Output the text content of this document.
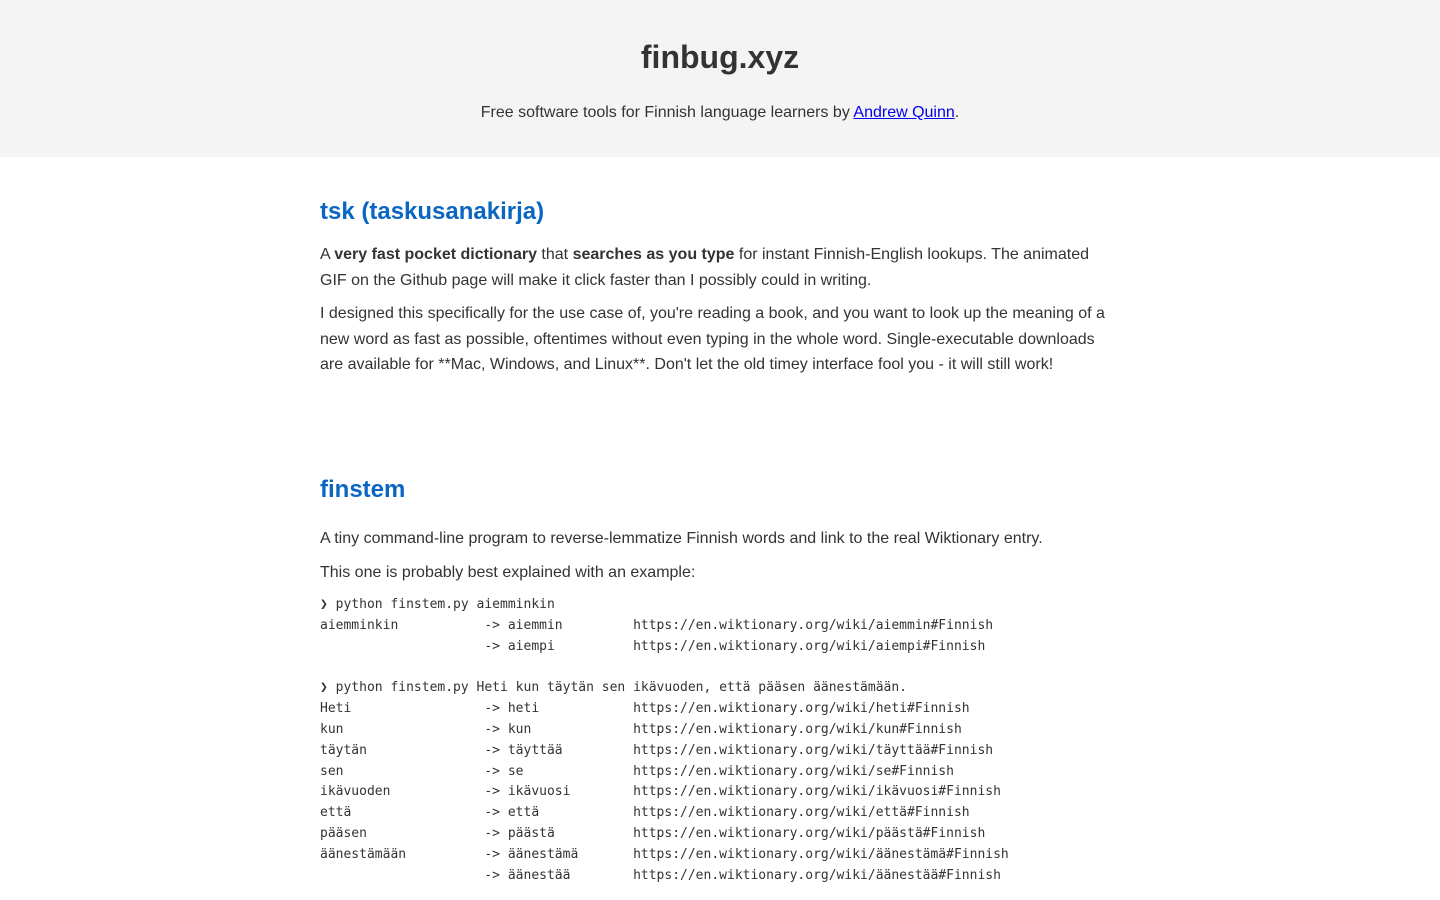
finbug.xyz

Free software tools for Finnish language learners by Andrew Quinn.

tsk (taskusanakirja)

A very fast pocket dictionary that searches as you type for instant Finnish-English lookups. The animated GIF on the Github page will make it click faster than I possibly could in writing.

I designed this specifically for the use case of, you're reading a book, and you want to look up the meaning of a new word as fast as possible, oftentimes without even typing in the whole word. Single-executable downloads are available for **Mac, Windows, and Linux**. Don't let the old timey interface fool you - it will still work!

finstem

A tiny command-line program to reverse-lemmatize Finnish words and link to the real Wiktionary entry.

This one is probably best explained with an example:

❯ python finstem.py aiemminkin
aiemminkin           -> aiemmin         https://en.wiktionary.org/wiki/aiemmin#Finnish
-> aiempi          https://en.wiktionary.org/wiki/aiempi#Finnish

❯ python finstem.py Heti kun täytän sen ikävuoden, että pääsen äänestämään.
Heti                 -> heti            https://en.wiktionary.org/wiki/heti#Finnish
kun                  -> kun             https://en.wiktionary.org/wiki/kun#Finnish
täytän               -> täyttää         https://en.wiktionary.org/wiki/täyttää#Finnish
sen                  -> se              https://en.wiktionary.org/wiki/se#Finnish
ikävuoden            -> ikävuosi        https://en.wiktionary.org/wiki/ikävuosi#Finnish
että                 -> että            https://en.wiktionary.org/wiki/että#Finnish
pääsen               -> päästä          https://en.wiktionary.org/wiki/päästä#Finnish
äänestämään          -> äänestämä       https://en.wiktionary.org/wiki/äänestämä#Finnish
-> äänestää        https://en.wiktionary.org/wiki/äänestää#Finnish
